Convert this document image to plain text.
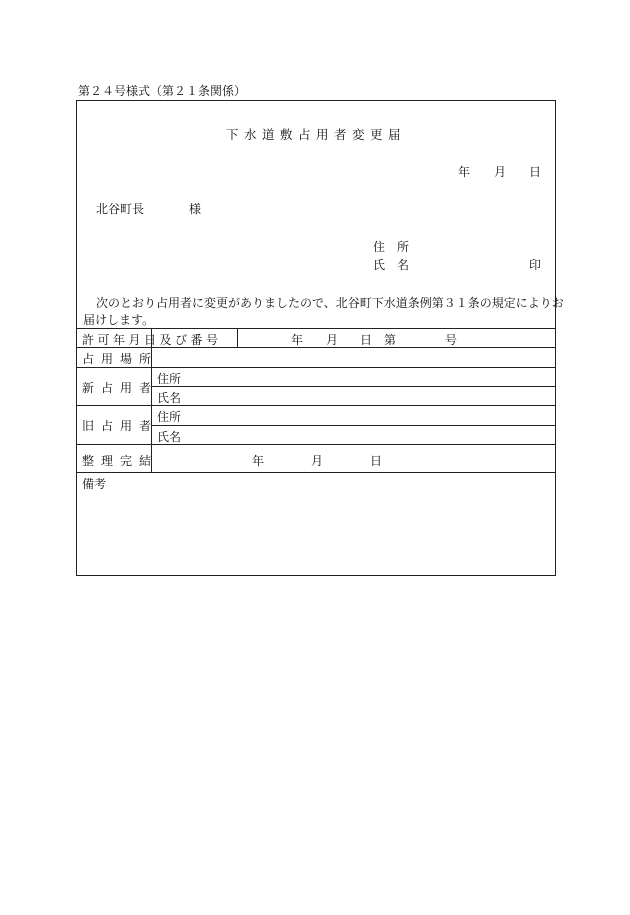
第２４号様式（第２１条関係）
下水道敷占用者変更届
年 月 日
北谷町長	様
住　所
氏　名	印
次のとおり占用者に変更がありましたので、北谷町下水道条例第３１条の規定によりお
届けします。
許可年月日及び番号	年 月 日 第	号
占用場所
新占用者
住所
氏名
旧占用者
住所
氏名
整理完結	年	月	日
備考
